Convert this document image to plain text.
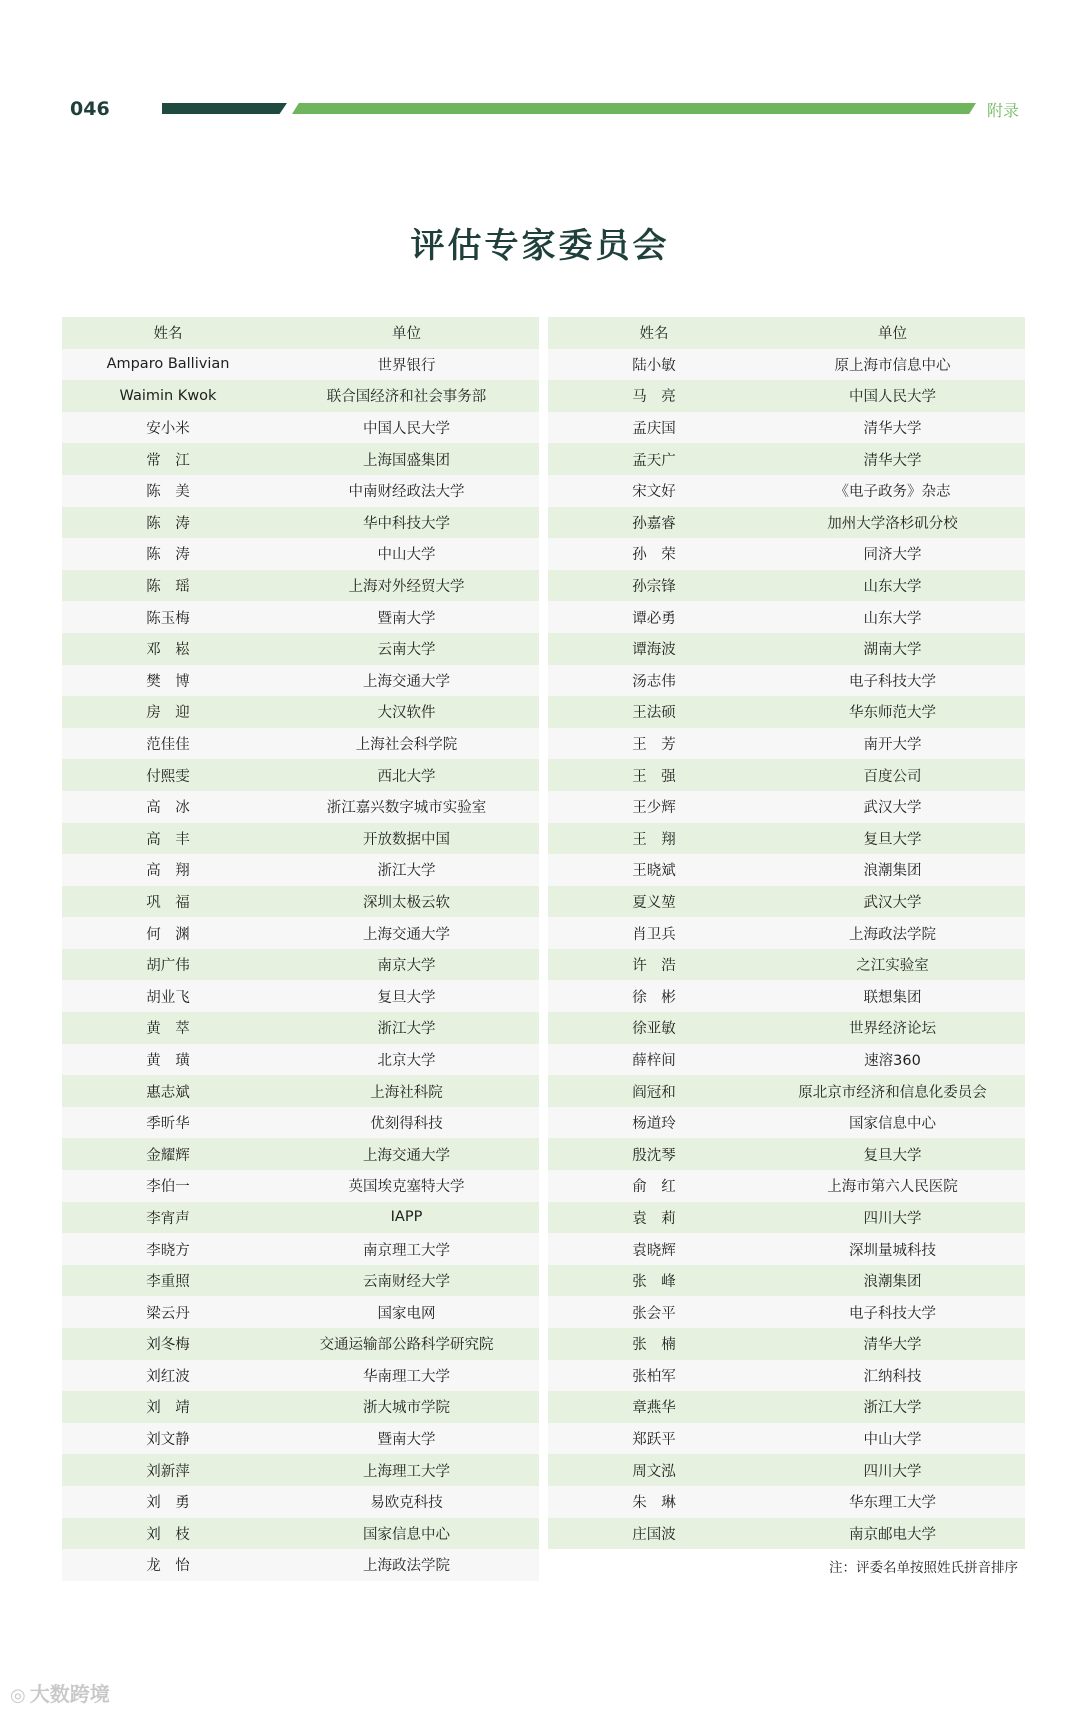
046	附录
评估专家委员会
姓名	单位
Amparo Ballivian	世界银行
Waimin Kwok	联合国经济和社会事务部
安小米	中国人民大学
常　江	上海国盛集团
陈　美	中南财经政法大学
陈　涛	华中科技大学
陈　涛	中山大学
陈　瑶	上海对外经贸大学
陈玉梅	暨南大学
邓　崧	云南大学
樊　博	上海交通大学
房　迎	大汉软件
范佳佳	上海社会科学院
付熙雯	西北大学
高　冰	浙江嘉兴数字城市实验室
高　丰	开放数据中国
高　翔	浙江大学
巩　福	深圳太极云软
何　渊	上海交通大学
胡广伟	南京大学
胡业飞	复旦大学
黄　萃	浙江大学
黄　璜	北京大学
惠志斌	上海社科院
季昕华	优刻得科技
金耀辉	上海交通大学
李伯一	英国埃克塞特大学
李宵声	IAPP
李晓方	南京理工大学
李重照	云南财经大学
梁云丹	国家电网
刘冬梅	交通运输部公路科学研究院
刘红波	华南理工大学
刘　靖	浙大城市学院
刘文静	暨南大学
刘新萍	上海理工大学
刘　勇	易欧克科技
刘　枝	国家信息中心
龙　怡	上海政法学院
姓名	单位
陆小敏	原上海市信息中心
马　亮	中国人民大学
孟庆国	清华大学
孟天广	清华大学
宋文好	《电子政务》杂志
孙嘉睿	加州大学洛杉矶分校
孙　荣	同济大学
孙宗锋	山东大学
谭必勇	山东大学
谭海波	湖南大学
汤志伟	电子科技大学
王法硕	华东师范大学
王　芳	南开大学
王　强	百度公司
王少辉	武汉大学
王　翔	复旦大学
王晓斌	浪潮集团
夏义堃	武汉大学
肖卫兵	上海政法学院
许　浩	之江实验室
徐　彬	联想集团
徐亚敏	世界经济论坛
薛梓间	速溶360
阎冠和	原北京市经济和信息化委员会
杨道玲	国家信息中心
殷沈琴	复旦大学
俞　红	上海市第六人民医院
袁　莉	四川大学
袁晓辉	深圳量城科技
张　峰	浪潮集团
张会平	电子科技大学
张　楠	清华大学
张柏军	汇纳科技
章燕华	浙江大学
郑跃平	中山大学
周文泓	四川大学
朱　琳	华东理工大学
庄国波	南京邮电大学
注：评委名单按照姓氏拼音排序
◎ 大数跨境
